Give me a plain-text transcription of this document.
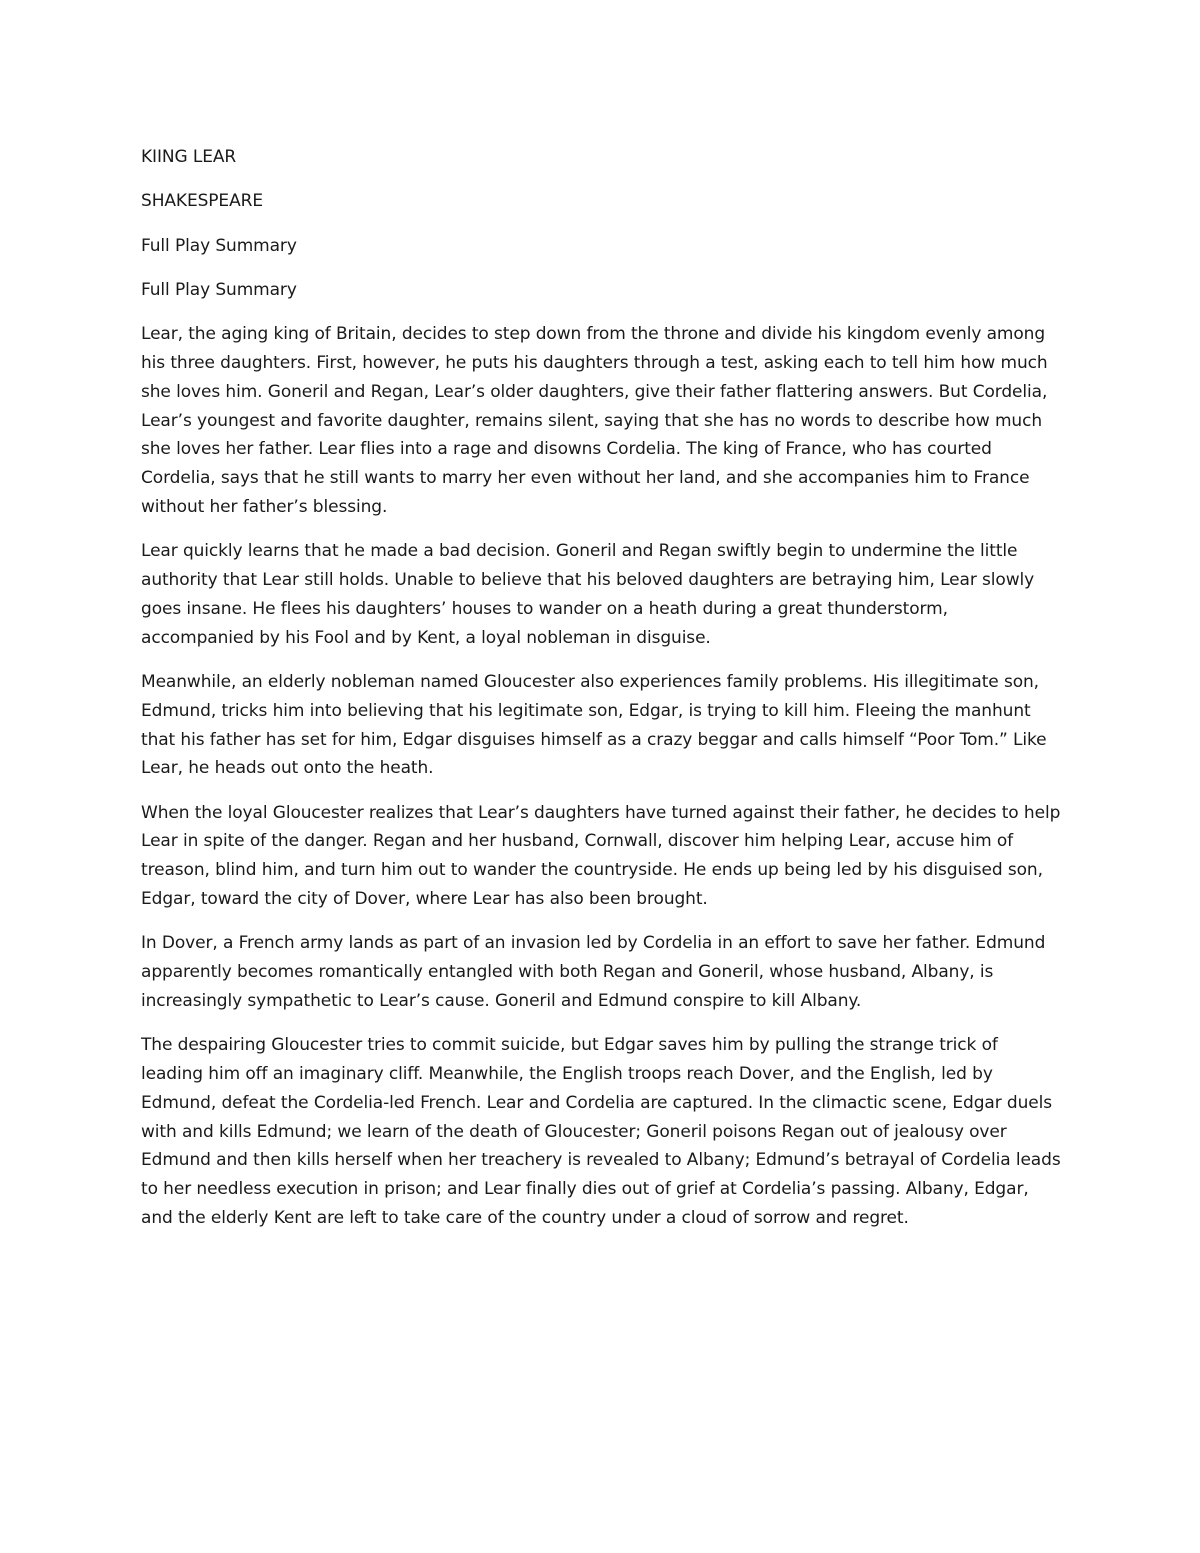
KIING LEAR
SHAKESPEARE
Full Play Summary
Full Play Summary

Lear, the aging king of Britain, decides to step down from the throne and divide his kingdom evenly among his three daughters. First, however, he puts his daughters through a test, asking each to tell him how much she loves him. Goneril and Regan, Lear’s older daughters, give their father flattering answers. But Cordelia, Lear’s youngest and favorite daughter, remains silent, saying that she has no words to describe how much she loves her father. Lear flies into a rage and disowns Cordelia. The king of France, who has courted Cordelia, says that he still wants to marry her even without her land, and she accompanies him to France without her father’s blessing.

Lear quickly learns that he made a bad decision. Goneril and Regan swiftly begin to undermine the little authority that Lear still holds. Unable to believe that his beloved daughters are betraying him, Lear slowly goes insane. He flees his daughters’ houses to wander on a heath during a great thunderstorm, accompanied by his Fool and by Kent, a loyal nobleman in disguise.

Meanwhile, an elderly nobleman named Gloucester also experiences family problems. His illegitimate son, Edmund, tricks him into believing that his legitimate son, Edgar, is trying to kill him. Fleeing the manhunt that his father has set for him, Edgar disguises himself as a crazy beggar and calls himself “Poor Tom.” Like Lear, he heads out onto the heath.

When the loyal Gloucester realizes that Lear’s daughters have turned against their father, he decides to help Lear in spite of the danger. Regan and her husband, Cornwall, discover him helping Lear, accuse him of treason, blind him, and turn him out to wander the countryside. He ends up being led by his disguised son, Edgar, toward the city of Dover, where Lear has also been brought.

In Dover, a French army lands as part of an invasion led by Cordelia in an effort to save her father. Edmund apparently becomes romantically entangled with both Regan and Goneril, whose husband, Albany, is increasingly sympathetic to Lear’s cause. Goneril and Edmund conspire to kill Albany.

The despairing Gloucester tries to commit suicide, but Edgar saves him by pulling the strange trick of leading him off an imaginary cliff. Meanwhile, the English troops reach Dover, and the English, led by Edmund, defeat the Cordelia-led French. Lear and Cordelia are captured. In the climactic scene, Edgar duels with and kills Edmund; we learn of the death of Gloucester; Goneril poisons Regan out of jealousy over Edmund and then kills herself when her treachery is revealed to Albany; Edmund’s betrayal of Cordelia leads to her needless execution in prison; and Lear finally dies out of grief at Cordelia’s passing. Albany, Edgar, and the elderly Kent are left to take care of the country under a cloud of sorrow and regret.
